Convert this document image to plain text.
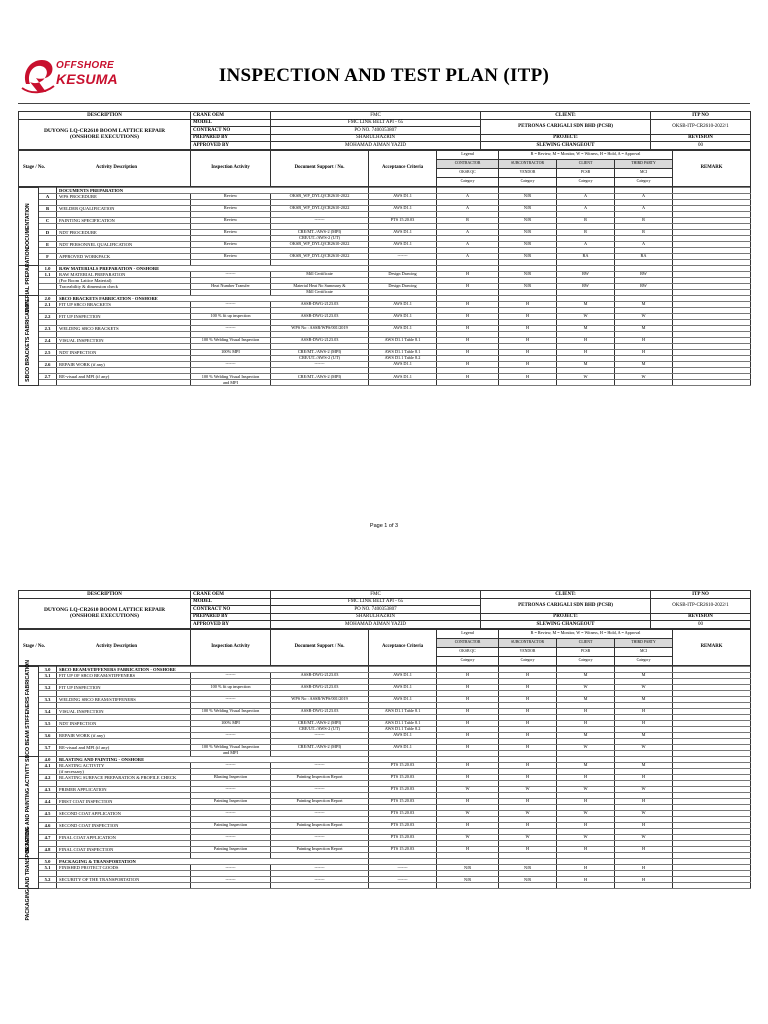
OFFSHORE
KESUMA	INSPECTION AND TEST PLAN (ITP)
DESCRIPTION	CRANE OEM	FMC	CLIENT:	ITP NO

DUYONG LQ-CR2610 BOOM LATTICE REPAIR
(ONSHORE EXECUTIONS)	MODEL	FMC LINK BELT API - 65	PETRONAS CARIGALI SDN BHD (PCSB)	OKSB-ITP-CR2610-2022/1
	CONTRACT NO	PO NO. 7400353807		
	PREPARED BY	SHARULHAZRIN	PROJECT:	REVISION
	APPROVED BY	MOHAMAD AIMAN YAZID	SLEWING CHANGEOUT	00
Stage / No. Activity Description	Inspection Activity	Document Support / No.	Acceptance Criteria	Legend	R = Review, M = Monitor, W = Witness, H = Hold, A = Approval			REMARK
				CONTRACTOR	SUBCONTRACTOR	CLIENT	THIRD PARTY	
				OKSB QC	VENDOR	PCSB	MCI	
				Category	Category	Category	Category	
DOCUMENTATION		DOCUMENTS PREPARATION								
	A	WPS PROCEDURE	Review	OKSB_WP_DYLQ/CR2610-2022	AWS D1.1	A	N/R	A	A	

	B	WELDER QUALIFICATION	Review	OKSB_WP_DYLQ/CR2610-2022	AWS D1.1	A	N/R	A	A	

	C	PAINTING SPECIFICATION	Review	-------	PTS 15.20.03	R	N/R	R	R	

	D	NDT PROCEDURE	Review	CRE/MT../AWS-2 (MPI)	AWS D1.1	A	N/R	R	R	
				CRE/UT../AWS-2 (UT)						
	E	NDT PERSONNEL QUALIFICATION	Review	OKSB_WP_DYLQ/CR2610-2022	AWS D1.1	A	N/R	A	A	

	F	APPROVED WORKPACK	Review	OKSB_WP_DYLQ/CR2610-2022	-------	A	N/R	RA	RA	

MATERIAL PREPARATION	1.0	RAW MATERIALS PREPARATION - ONSHORE								
	1.1	RAW MATERIAL PREPARATION	-------	Mill Certificate	Design Drawing	H	N/R	RW	RW	
		(For Boom Lattice Material)								
		Traceability & dimension check	Heat Number Transfer	Material Heat No Summary &	Design Drawing	H	N/R	RW	RW	
				Mill Certificate						

SBCO BRACKETS FABRICATION	2.0	SBCO BRACKETS FABRICATION - ONSHORE								
	2.1	FIT UP SBCO BRACKETS	-------	ASSB-DWG-2123.03	AWS D1.1	H	H	M	M	

	2.2	FIT UP INSPECTION	100 % fit up inspection	ASSB-DWG-2123.03	AWS D1.1	H	H	W	W	

	2.3	WELDING SBCO BRACKETS	-------	WPS No : ASSB/WPS/001/2019	AWS D1.1	H	H	M	M	

	2.4	VISUAL INSPECTION	100 % Welding Visual Inspection	ASSB-DWG-2123.03	AWS D1.1 Table 8.1	H	H	H	H	

	2.5	NDT INSPECTION	100% MPI	CRE/MT../AWS-2 (MPI)	AWS D1.1 Table 8.1	H	H	H	H	
				CRE/UT../AWS-2 (UT)	AWS D1.1 Table 8.2					
	2.6	REPAIR WORK (if any)	-------	-------	AWS D1.1	H	H	M	M	

	2.7	RE-visual and MPI (if any)	100 % Welding Visual Inspection	CRE/MT../AWS-2 (MPI)	AWS D1.1	H	H	W	W	
			and MPI							
Page 1 of 3
DESCRIPTION	CRANE OEM	FMC	CLIENT:	ITP NO

DUYONG LQ-CR2610 BOOM LATTICE REPAIR
(ONSHORE EXECUTIONS)	MODEL	FMC LINK BELT API - 65	PETRONAS CARIGALI SDN BHD (PCSB)	OKSB-ITP-CR2610-2022/1
	CONTRACT NO	PO NO. 7400353807		
	PREPARED BY	SHARULHAZRIN	PROJECT:	REVISION
	APPROVED BY	MOHAMAD AIMAN YAZID	SLEWING CHANGEOUT	00
Stage / No. Activity Description	Inspection Activity	Document Support / No.	Acceptance Criteria	Legend	R = Review, M = Monitor, W = Witness, H = Hold, A = Approval			REMARK
				CONTRACTOR	SUBCONTRACTOR	CLIENT	THIRD PARTY	
				OKSB QC	VENDOR	PCSB	MCI	
				Category	Category	Category	Category	
SBCO BEAM STIFFENERS FABRICATION	3.0	SBCO BEAM/STIFFENERS FABRICATION - ONSHORE								
	3.1	FIT UP OF SBCO BEAM/STIFFENERS	-------	ASSB-DWG-2123.03	AWS D1.1	H	H	M	M	

	3.2	FIT UP INSPECTION	100 % fit up inspection	ASSB-DWG-2123.03	AWS D1.1	H	H	W	W	

	3.3	WELDING SBCO BEAM/STIFFENERS	-------	WPS No : ASSB/WPS/001/2019	AWS D1.1	H	H	M	M	

	3.4	VISUAL INSPECTION	100 % Welding Visual Inspection	ASSB-DWG-2123.03	AWS D1.1 Table 8.1	H	H	H	H	

	3.5	NDT INSPECTION	100% MPI	CRE/MT../AWS-2 (MPI)	AWS D1.1 Table 8.1	H	H	H	H	
				CRE/UT../AWS-2 (UT)	AWS D1.1 Table 8.2					
	3.6	REPAIR WORK (if any)	-------	-------	AWS D1.1	H	H	M	M	

	3.7	RE-visual and MPI (if any)	100 % Welding Visual Inspection	CRE/MT../AWS-2 (MPI)	AWS D1.1	H	H	W	W	
			and MPI							

BLASTING AND PAINTING ACTIVITY	4.0	BLASTING AND PAINTING - ONSHORE								
	4.1	BLASTING ACTIVITY	-------	-------	PTS 15.20.03	H	H	M	M	
		(if necessary)								
	4.2	BLASTING SURFACE PREPARATION & PROFILE CHECK	Blasting Inspection	Painting Inspection Report	PTS 15.20.03	H	H	H	H	

	4.3	PRIMER APPLICATION	-------	-------	PTS 15.20.03	W	W	W	W	

	4.4	FIRST COAT INSPECTION	Painting Inspection	Painting Inspection Report	PTS 15.20.03	H	H	H	H	

	4.5	SECOND COAT APPLICATION	-------	-------	PTS 15.20.03	W	W	W	W	

	4.6	SECOND COAT INSPECTION	Painting Inspection	Painting Inspection Report	PTS 15.20.03	H	H	H	H	

	4.7	FINAL COAT APPLICATION	-------	-------	PTS 15.20.03	W	W	W	W	

	4.8	FINAL COAT INSPECTION	Painting Inspection	Painting Inspection Report	PTS 15.20.03	H	H	H	H	

PACKAGING AND TRANSPORTATION	5.0	PACKAGING & TRANSPORTATION								
	5.1	FINISHED PROTECT GOODS	-------	-------	-------	N/R	N/R	H	H	

	5.2	SECURITY OF THE TRANSPORTATION	-------	-------	-------	N/R	N/R	H	H	
